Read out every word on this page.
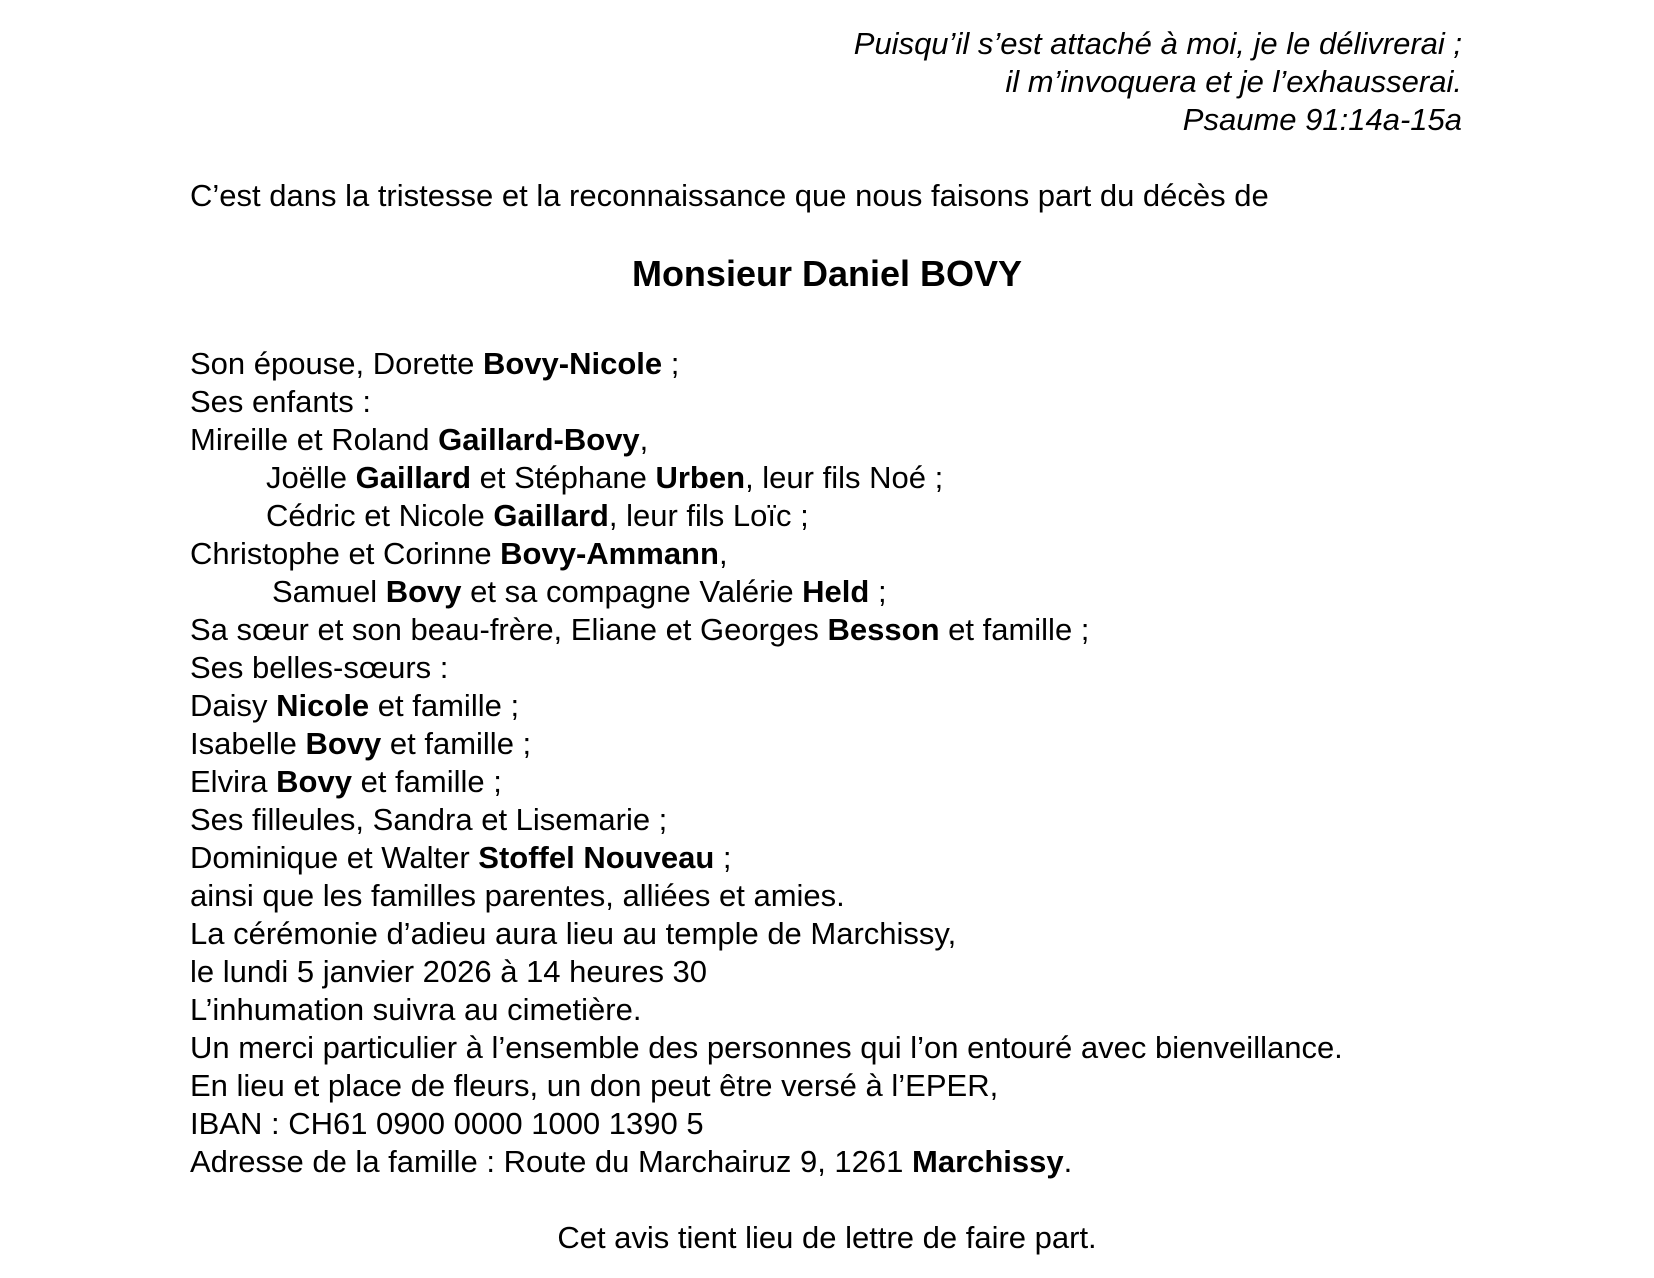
Puisqu’il s’est attaché à moi, je le délivrerai ;
il m’invoquera et je l’exhausserai.
Psaume 91:14a-15a
C’est dans la tristesse et la reconnaissance que nous faisons part du décès de
Monsieur Daniel BOVY
Son épouse, Dorette Bovy-Nicole ;
Ses enfants :
Mireille et Roland Gaillard-Bovy,
Joëlle Gaillard et Stéphane Urben, leur fils Noé ;
Cédric et Nicole Gaillard, leur fils Loïc ;
Christophe et Corinne Bovy-Ammann,
Samuel Bovy et sa compagne Valérie Held ;
Sa sœur et son beau-frère, Eliane et Georges Besson et famille ;
Ses belles-sœurs :
Daisy Nicole et famille ;
Isabelle Bovy et famille ;
Elvira Bovy et famille ;
Ses filleules, Sandra et Lisemarie ;
Dominique et Walter Stoffel Nouveau ;
ainsi que les familles parentes, alliées et amies.
La cérémonie d’adieu aura lieu au temple de Marchissy,
le lundi 5 janvier 2026 à 14 heures 30
L’inhumation suivra au cimetière.
Un merci particulier à l’ensemble des personnes qui l’on entouré avec bienveillance.
En lieu et place de fleurs, un don peut être versé à l’EPER,
IBAN : CH61 0900 0000 1000 1390 5
Adresse de la famille : Route du Marchairuz 9, 1261 Marchissy.
Cet avis tient lieu de lettre de faire part.
